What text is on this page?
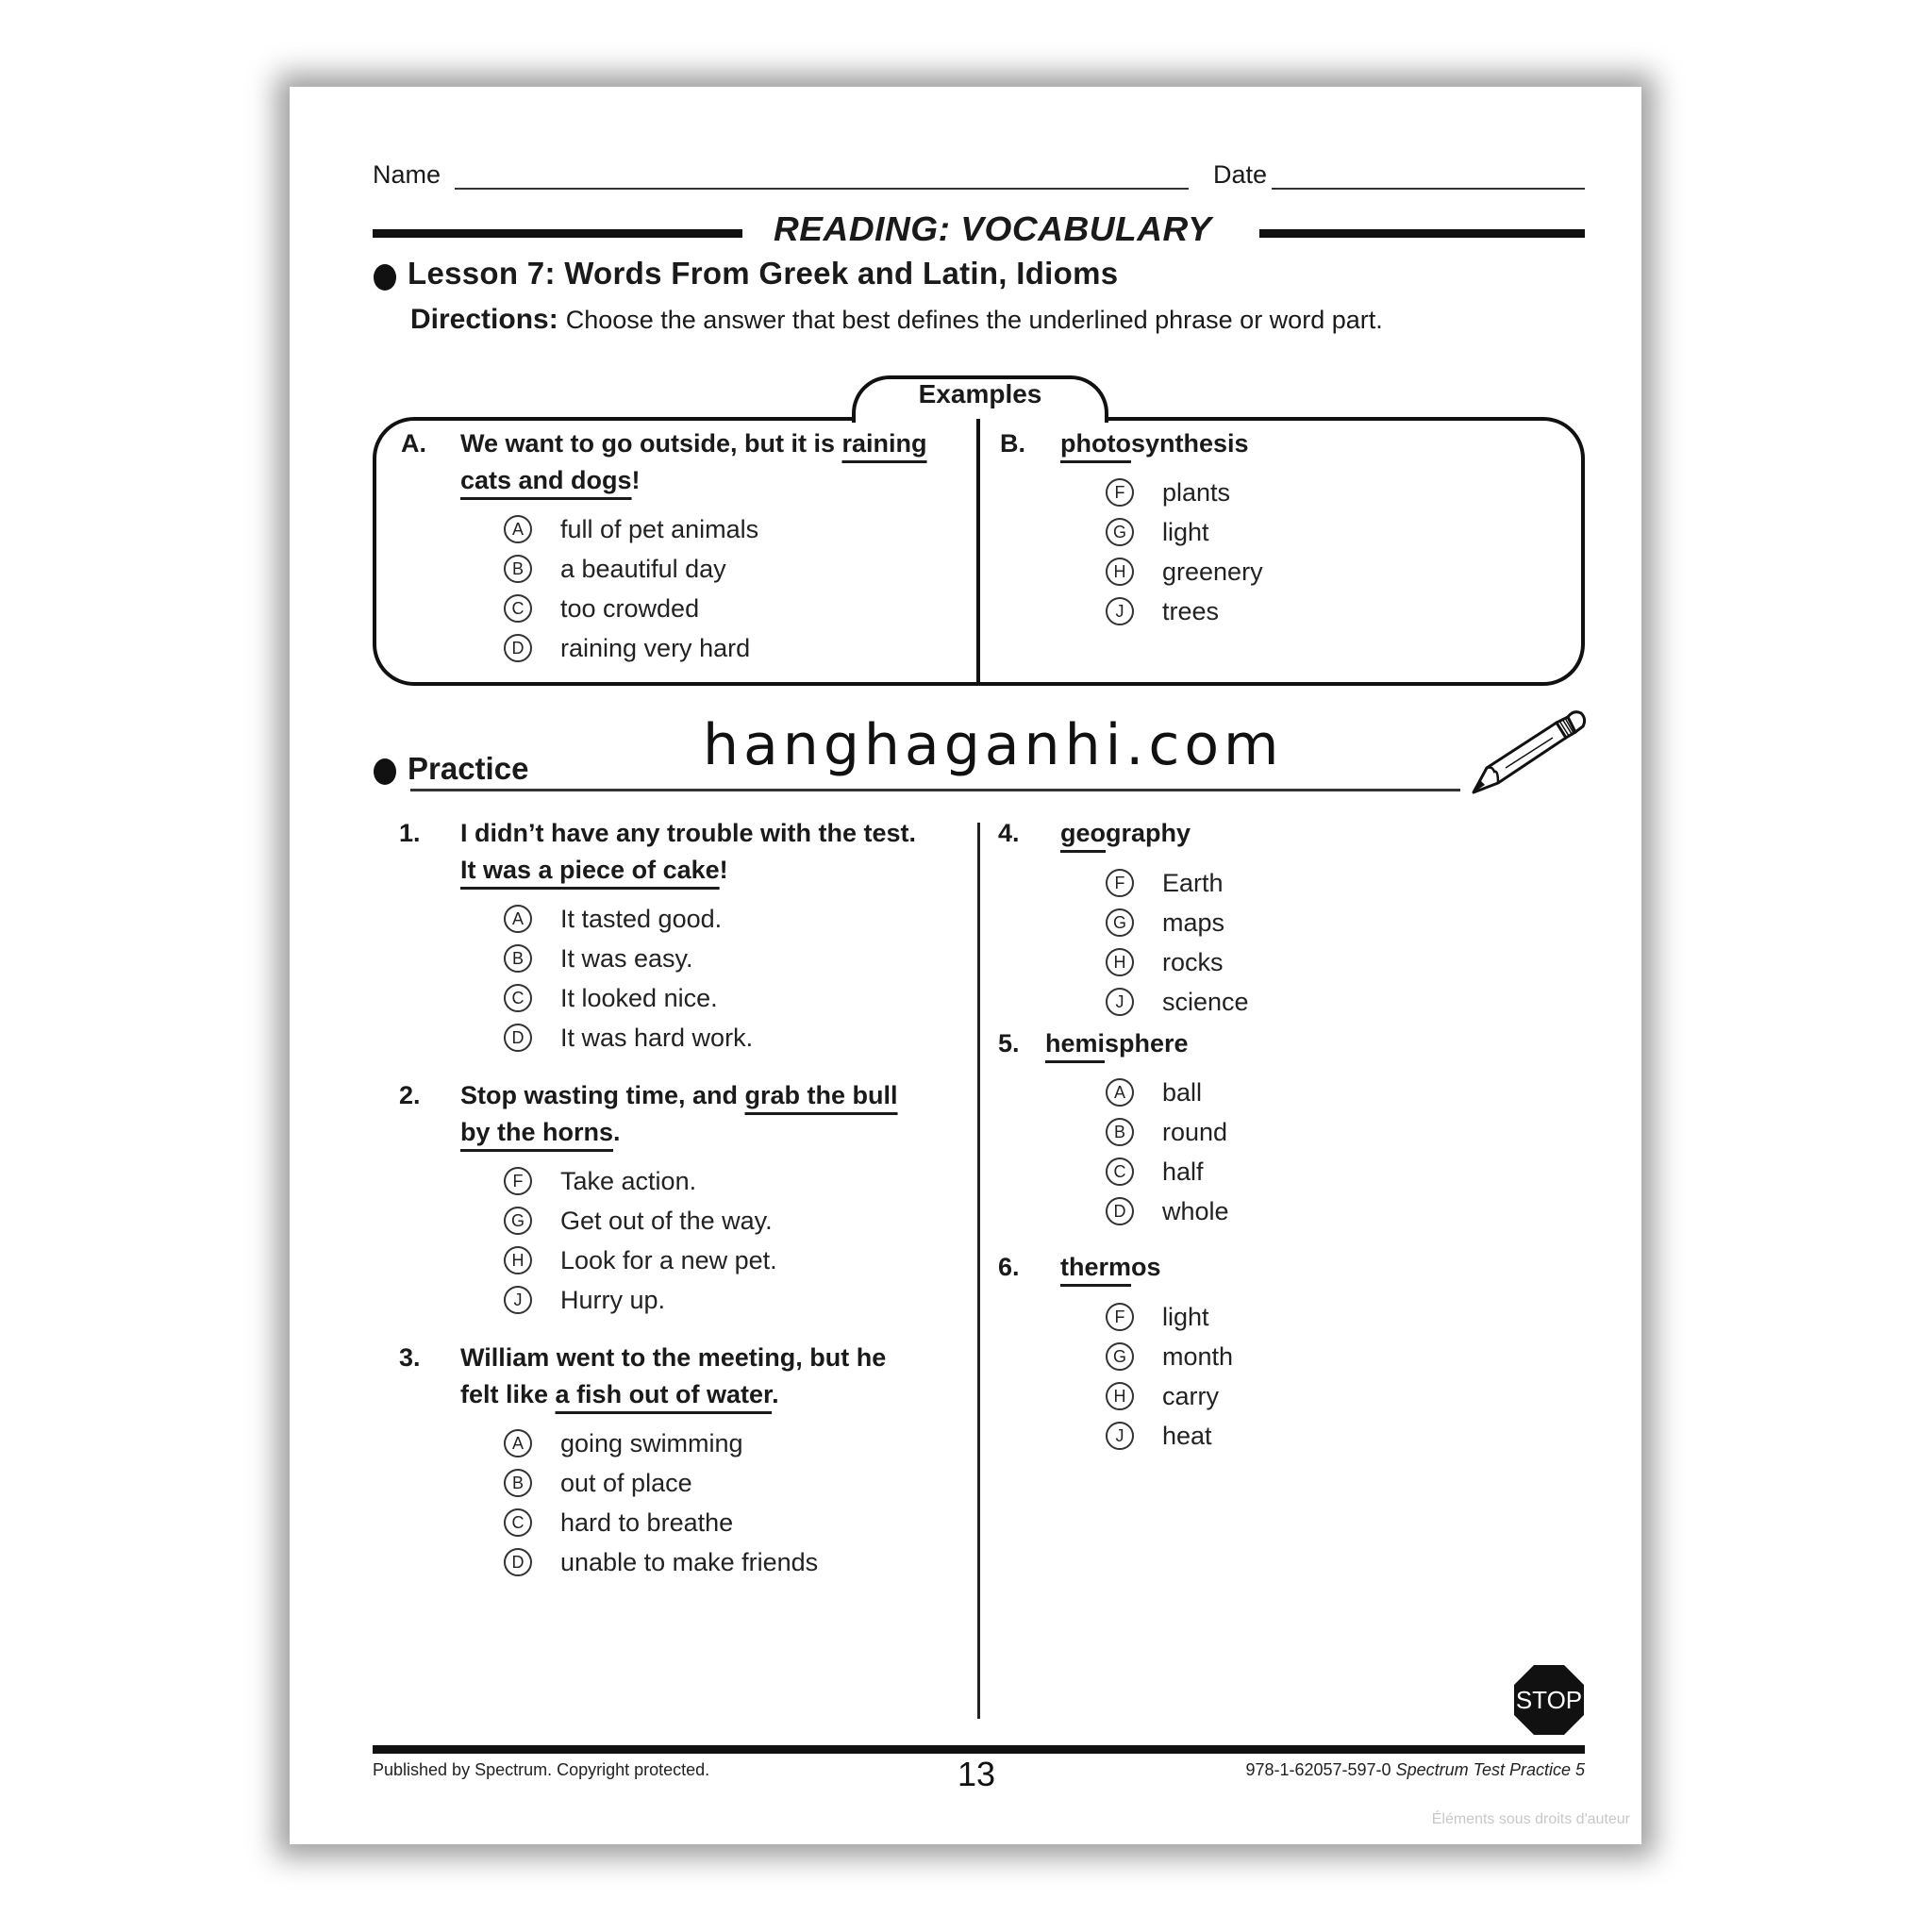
Name	Date
READING: VOCABULARY
Lesson 7: Words From Greek and Latin, Idioms
Directions: Choose the answer that best defines the underlined phrase or word part.
Examples
A. We want to go outside, but it is raining
cats and dogs!
A	full of pet animals
B	a beautiful day
C	too crowded
D	raining very hard
B. photosynthesis
F	plants
G light
H	greenery
J	trees
Practice	hanghaganhi.com
1. I didn’t have any trouble with the test.
It was a piece of cake!
A	It tasted good.
B	It was easy.
C	It looked nice.
D	It was hard work.
2. Stop wasting time, and grab the bull
by the horns.
F	Take action.
G Get out of the way.
H	Look for a new pet.
J	Hurry up.
3. William went to the meeting, but he
felt like a fish out of water.
A	going swimming
B	out of place
C	hard to breathe
D	unable to make friends
4. geography
F	Earth
G maps
H	rocks
J	science
5. hemisphere
A	ball
B	round
C	half
D	whole
6. thermos
F	light
G month
H	carry
J	heat
STOP
Published by Spectrum. Copyright protected.	13	978-1-62057-597-0 Spectrum Test Practice 5
Éléments sous droits d'auteur
